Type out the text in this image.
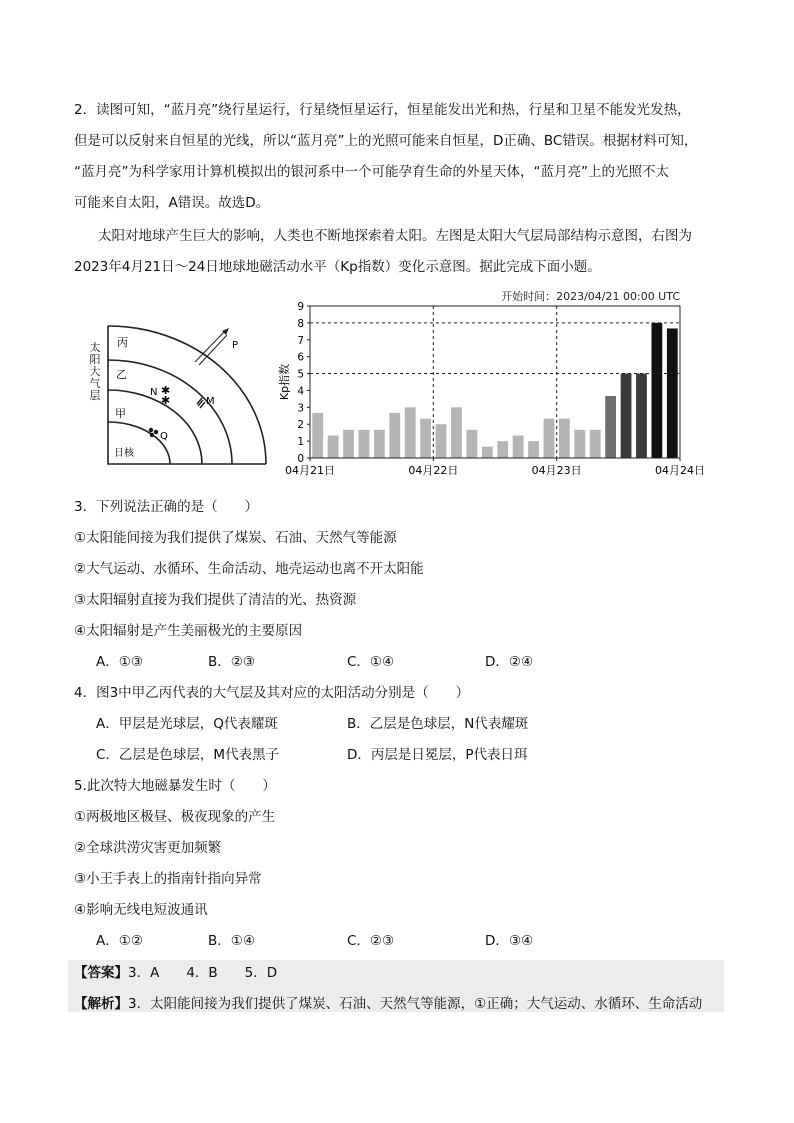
2．读图可知，“蓝月亮”绕行星运行，行星绕恒星运行，恒星能发出光和热，行星和卫星不能发光发热，
但是可以反射来自恒星的光线，所以“蓝月亮”上的光照可能来自恒星，D正确、BC错误。根据材料可知，
“蓝月亮”为科学家用计算机模拟出的银河系中一个可能孕育生命的外星天体，“蓝月亮”上的光照不太
可能来自太阳，A错误。故选D。
太阳对地球产生巨大的影响，人类也不断地探索着太阳。左图是太阳大气层局部结构示意图，右图为
2023年4月21日～24日地球地磁活动水平（Kp指数）变化示意图。据此完成下面小题。
丙
乙
甲
日核
P
✱
✱
N
M
Q
太阳大气层
开始时间：2023/04/21 00:00 UTC
0
1
2
3
4
5
6
7
8
9
04月21日	04月22日	04月23日	04月24日
Kp指数
3．下列说法正确的是（　　）
①太阳能间接为我们提供了煤炭、石油、天然气等能源
②大气运动、水循环、生命活动、地壳运动也离不开太阳能
③太阳辐射直接为我们提供了清洁的光、热资源
④太阳辐射是产生美丽极光的主要原因
A．①③	B．②③	C．①④	D．②④
4．图3中甲乙丙代表的大气层及其对应的太阳活动分别是（　　）
A．甲层是光球层，Q代表耀斑	B．乙层是色球层，N代表耀斑
C．乙层是色球层，M代表黑子	D．丙层是日冕层，P代表日珥
5.此次特大地磁暴发生时（　　）
①两极地区极昼、极夜现象的产生
②全球洪涝灾害更加频繁
③小王手表上的指南针指向异常
④影响无线电短波通讯
A．①②	B．①④	C．②③	D．③④
【答案】3．A　　4．B　　5．D
【解析】3．太阳能间接为我们提供了煤炭、石油、天然气等能源，①正确；大气运动、水循环、生命活动
